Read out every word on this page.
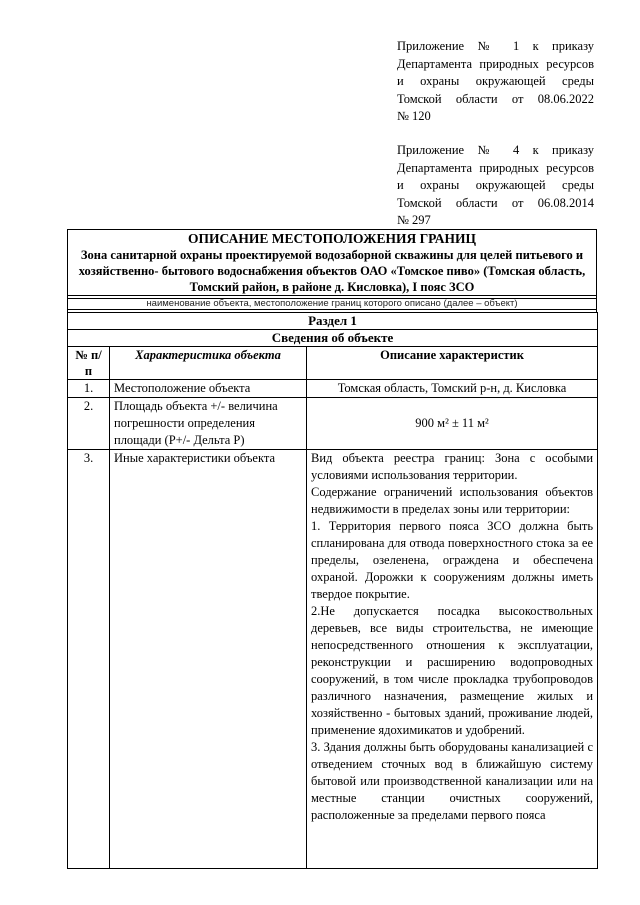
Приложение № 1 к приказу

Департамента природных ресурсов

и охраны окружающей среды

Томской области от 08.06.2022

№ 120

Приложение № 4 к приказу

Департамента природных ресурсов

и охраны окружающей среды

Томской области от 06.08.2014

№ 297

ОПИСАНИЕ МЕСТОПОЛОЖЕНИЯ ГРАНИЦ
Зона санитарной охраны проектируемой водозаборной скважины для целей питьевого и хозяйственно- бытового водоснабжения объектов ОАО «Томское пиво» (Томская область, Томский район, в районе д. Кисловка), I пояс ЗСО
наименование объекта, местоположение границ которого описано (далее – объект)
Раздел 1		
Сведения об объекте		
№ п/п	Характеристика объекта	Описание характеристик
1.	Местоположение объекта	Томская область, Томский р-н, д. Кисловка
2.	Площадь объекта +/- величина погрешности определения площади (P+/- Дельта P)	900 м² ± 11 м²
3.	Иные характеристики объекта	Вид объекта реестра границ: Зона с особыми условиями использования территории.

Содержание ограничений использования объектов недвижимости в пределах зоны или территории:

1. Территория первого пояса ЗСО должна быть спланирована для отвода поверхностного стока за ее пределы, озеленена, ограждена и обеспечена охраной. Дорожки к сооружениям должны иметь твердое покрытие.

2.Не допускается посадка высокоствольных деревьев, все виды строительства, не имеющие непосредственного отношения к эксплуатации, реконструкции и расширению водопроводных сооружений, в том числе прокладка трубопроводов различного назначения, размещение жилых и хозяйственно - бытовых зданий, проживание людей, применение ядохимикатов и удобрений.

3. Здания должны быть оборудованы канализацией с отведением сточных вод в ближайшую систему бытовой или производственной канализации или на местные станции очистных сооружений, расположенные за пределами первого пояса
